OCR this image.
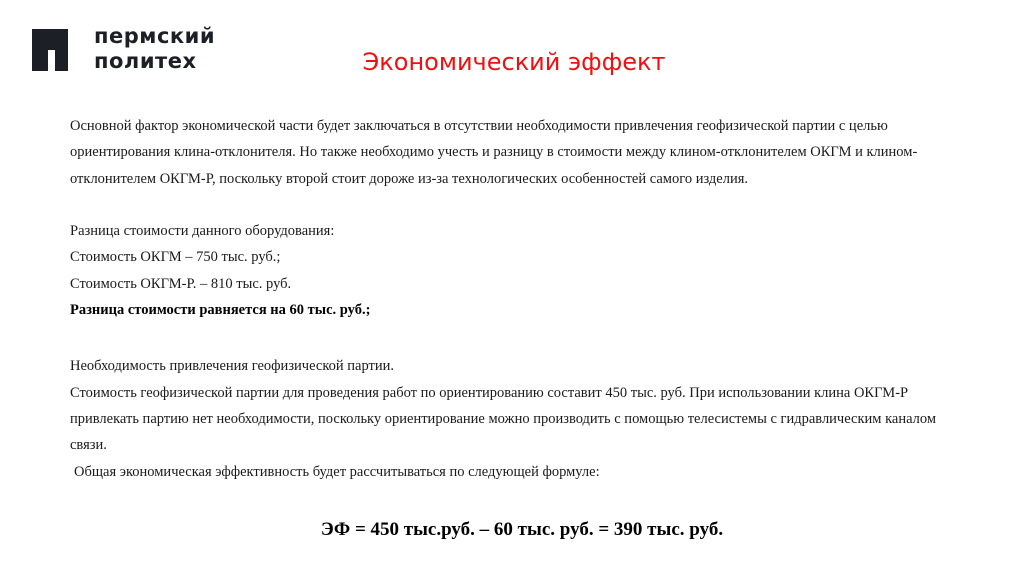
пермский
политех	Экономический эффект

Основной фактор экономической части будет заключаться в отсутствии необходимости привлечения геофизической партии с целью

ориентирования клина-отклонителя. Но также необходимо учесть и разницу в стоимости между клином-отклонителем ОКГМ и клином-

отклонителем ОКГМ-Р, поскольку второй стоит дороже из-за технологических особенностей самого изделия.

Разница стоимости данного оборудования:

Стоимость ОКГМ – 750 тыс. руб.;

Стоимость ОКГМ-Р. – 810 тыс. руб.

Разница стоимости равняется на 60 тыс. руб.;

Необходимость привлечения геофизической партии.

Стоимость геофизической партии для проведения работ по ориентированию составит 450 тыс. руб. При использовании клина ОКГМ-Р

привлекать партию нет необходимости, поскольку ориентирование можно производить с помощью телесистемы с гидравлическим каналом

связи.

Общая экономическая эффективность будет рассчитываться по следующей формуле:

ЭФ = 450 тыс.руб. – 60 тыс. руб. = 390 тыс. руб.
